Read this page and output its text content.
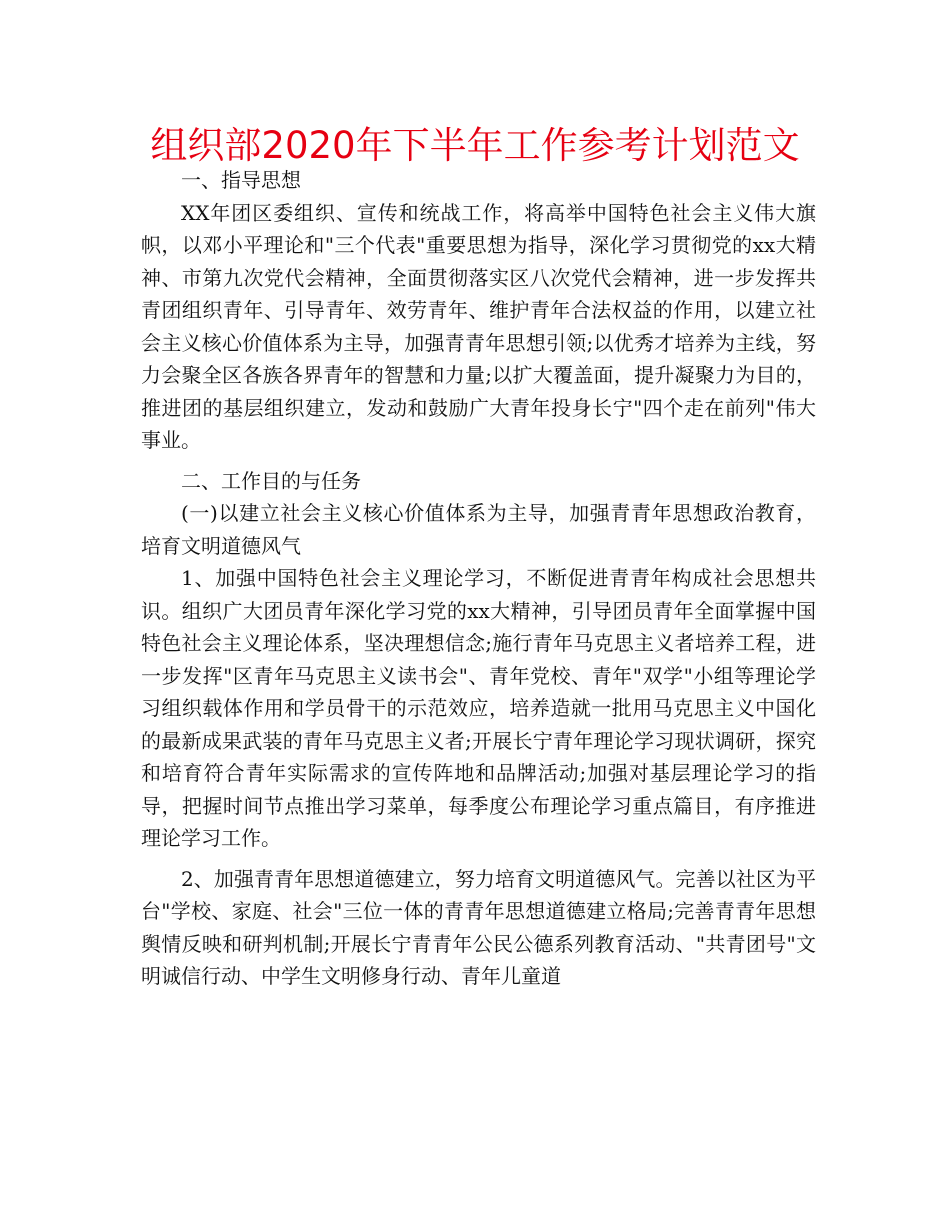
组织部2020年下半年工作参考计划范文

一、指导思想

XX年团区委组织、宣传和统战工作，将高举中国特色社会主义伟大旗帜，以邓小平理论和"三个代表"重要思想为指导，深化学习贯彻党的xx大精神、市第九次党代会精神，全面贯彻落实区八次党代会精神，进一步发挥共青团组织青年、引导青年、效劳青年、维护青年合法权益的作用，以建立社会主义核心价值体系为主导，加强青青年思想引领;以优秀才培养为主线，努力会聚全区各族各界青年的智慧和力量;以扩大覆盖面，提升凝聚力为目的，推进团的基层组织建立，发动和鼓励广大青年投身长宁"四个走在前列"伟大事业。

二、工作目的与任务

(一)以建立社会主义核心价值体系为主导，加强青青年思想政治教育，培育文明道德风气

1、加强中国特色社会主义理论学习，不断促进青青年构成社会思想共识。组织广大团员青年深化学习党的xx大精神，引导团员青年全面掌握中国特色社会主义理论体系，坚决理想信念;施行青年马克思主义者培养工程，进一步发挥"区青年马克思主义读书会"、青年党校、青年"双学"小组等理论学习组织载体作用和学员骨干的示范效应，培养造就一批用马克思主义中国化的最新成果武装的青年马克思主义者;开展长宁青年理论学习现状调研，探究和培育符合青年实际需求的宣传阵地和品牌活动;加强对基层理论学习的指导，把握时间节点推出学习菜单，每季度公布理论学习重点篇目，有序推进理论学习工作。

2、加强青青年思想道德建立，努力培育文明道德风气。完善以社区为平台"学校、家庭、社会"三位一体的青青年思想道德建立格局;完善青青年思想舆情反映和研判机制;开展长宁青青年公民公德系列教育活动、"共青团号"文明诚信行动、中学生文明修身行动、青年儿童道
